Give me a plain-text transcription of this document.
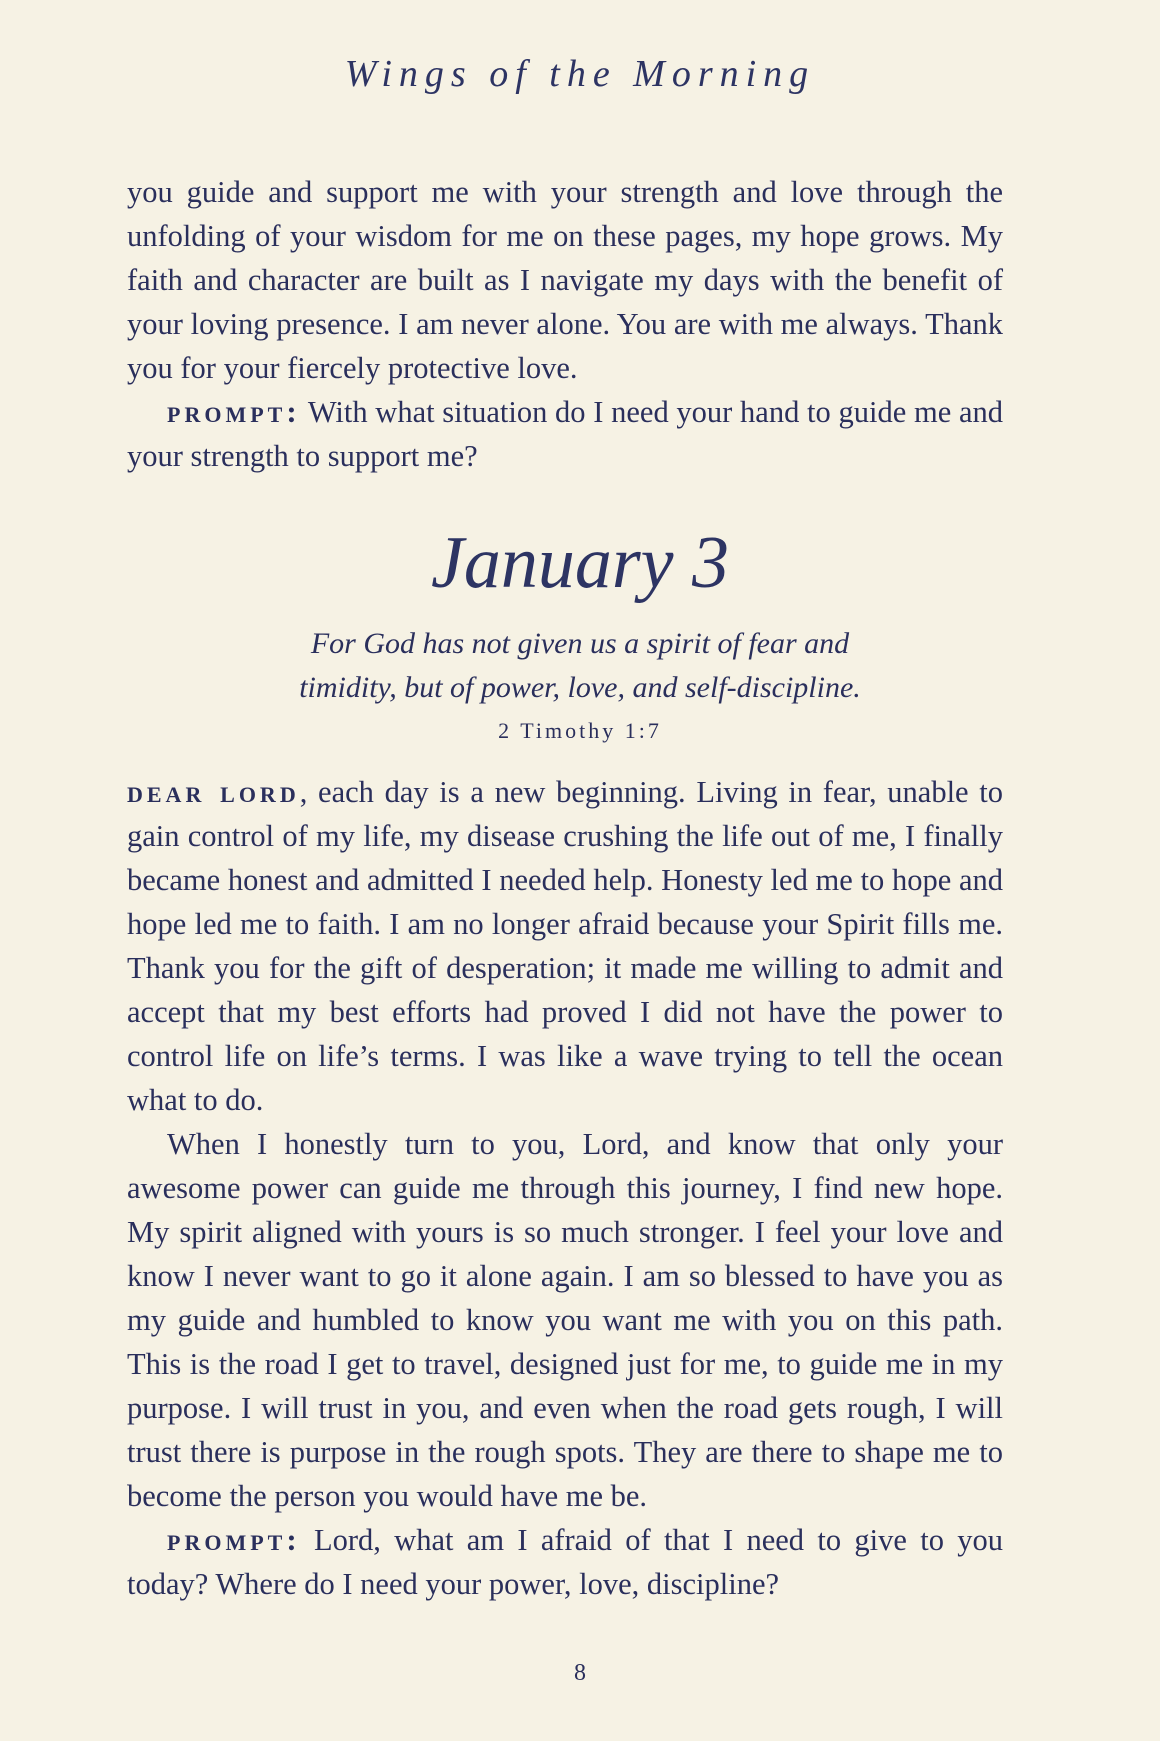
Wings of the Morning

you guide and support me with your strength and love through the unfolding of your wisdom for me on these pages, my hope grows. My faith and character are built as I navigate my days with the benefit of your loving presence. I am never alone. You are with me always. Thank you for your fiercely protective love.

prompt: With what situation do I need your hand to guide me and your strength to support me?

January 3
For God has not given us a spirit of fear and
timidity, but of power, love, and self-discipline.
2 Timothy 1:7

dear lord, each day is a new beginning. Living in fear, unable to gain control of my life, my disease crushing the life out of me, I finally became honest and admitted I needed help. Honesty led me to hope and hope led me to faith. I am no longer afraid because your Spirit fills me. Thank you for the gift of desperation; it made me willing to admit and accept that my best efforts had proved I did not have the power to control life on life’s terms. I was like a wave trying to tell the ocean what to do.

When I honestly turn to you, Lord, and know that only your awesome power can guide me through this journey, I find new hope. My spirit aligned with yours is so much stronger. I feel your love and know I never want to go it alone again. I am so blessed to have you as my guide and humbled to know you want me with you on this path. This is the road I get to travel, designed just for me, to guide me in my purpose. I will trust in you, and even when the road gets rough, I will trust there is purpose in the rough spots. They are there to shape me to become the person you would have me be.

prompt: Lord, what am I afraid of that I need to give to you today? Where do I need your power, love, discipline?

8
